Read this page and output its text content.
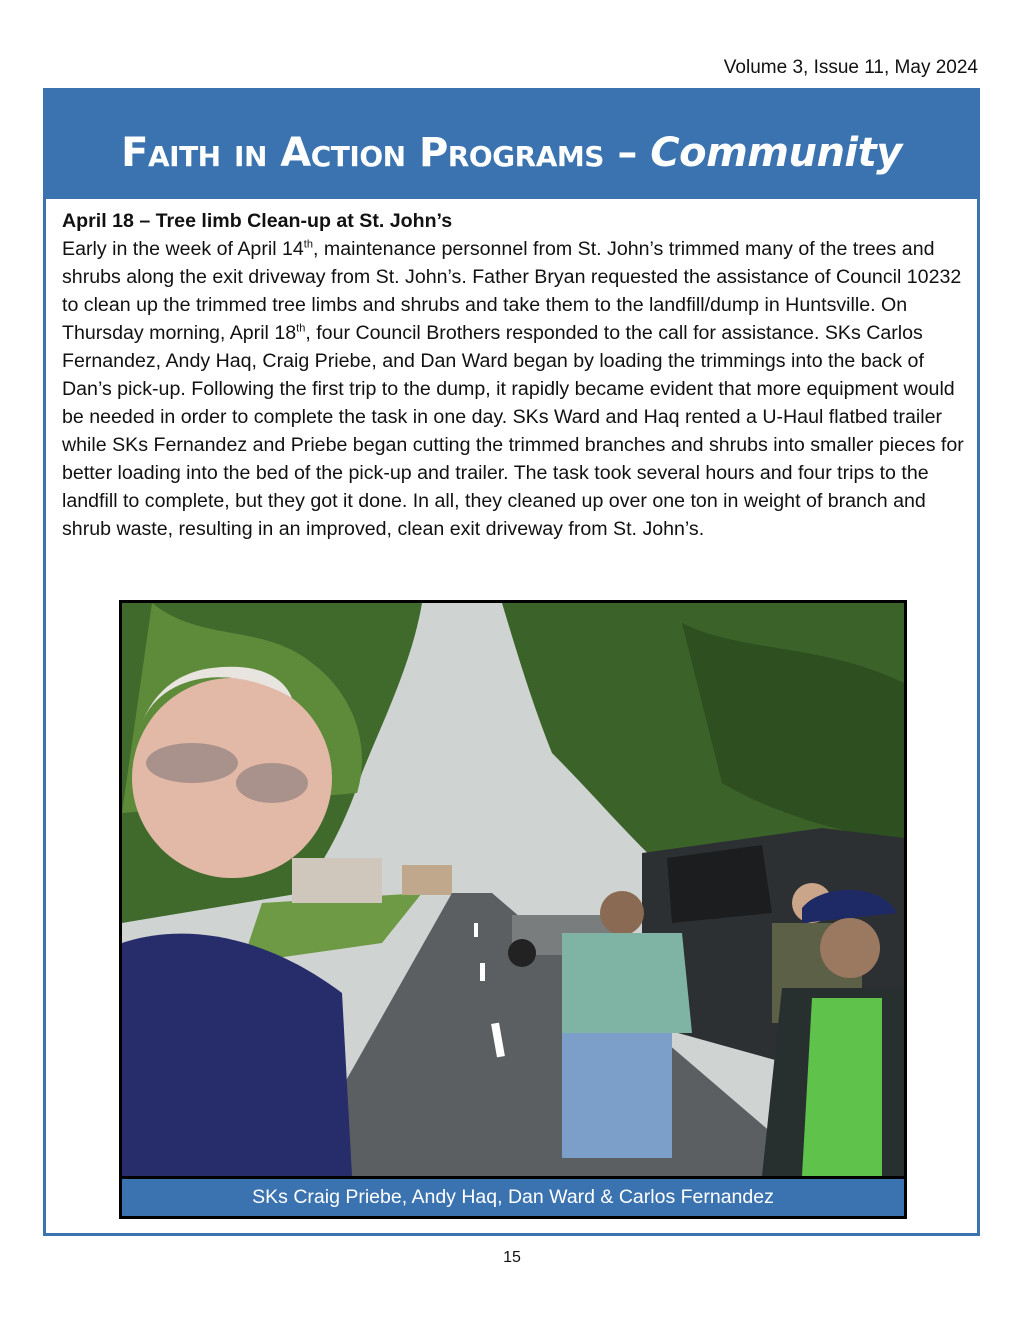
Volume 3, Issue 11, May 2024
Faith in Action Programs – Community
April 18 – Tree limb Clean-up at St. John’s
Early in the week of April 14th, maintenance personnel from St. John’s trimmed many of the trees and shrubs along the exit driveway from St. John’s. Father Bryan requested the assistance of Council 10232 to clean up the trimmed tree limbs and shrubs and take them to the landfill/dump in Huntsville. On Thursday morning, April 18th, four Council Brothers responded to the call for assistance. SKs Carlos Fernandez, Andy Haq, Craig Priebe, and Dan Ward began by loading the trimmings into the back of Dan’s pick-up. Following the first trip to the dump, it rapidly became evident that more equipment would be needed in order to complete the task in one day. SKs Ward and Haq rented a U-Haul flatbed trailer while SKs Fernandez and Priebe began cutting the trimmed branches and shrubs into smaller pieces for better loading into the bed of the pick-up and trailer. The task took several hours and four trips to the landfill to complete, but they got it done. In all, they cleaned up over one ton in weight of branch and shrub waste, resulting in an improved, clean exit driveway from St. John’s.
SKs Craig Priebe, Andy Haq, Dan Ward & Carlos Fernandez
15
